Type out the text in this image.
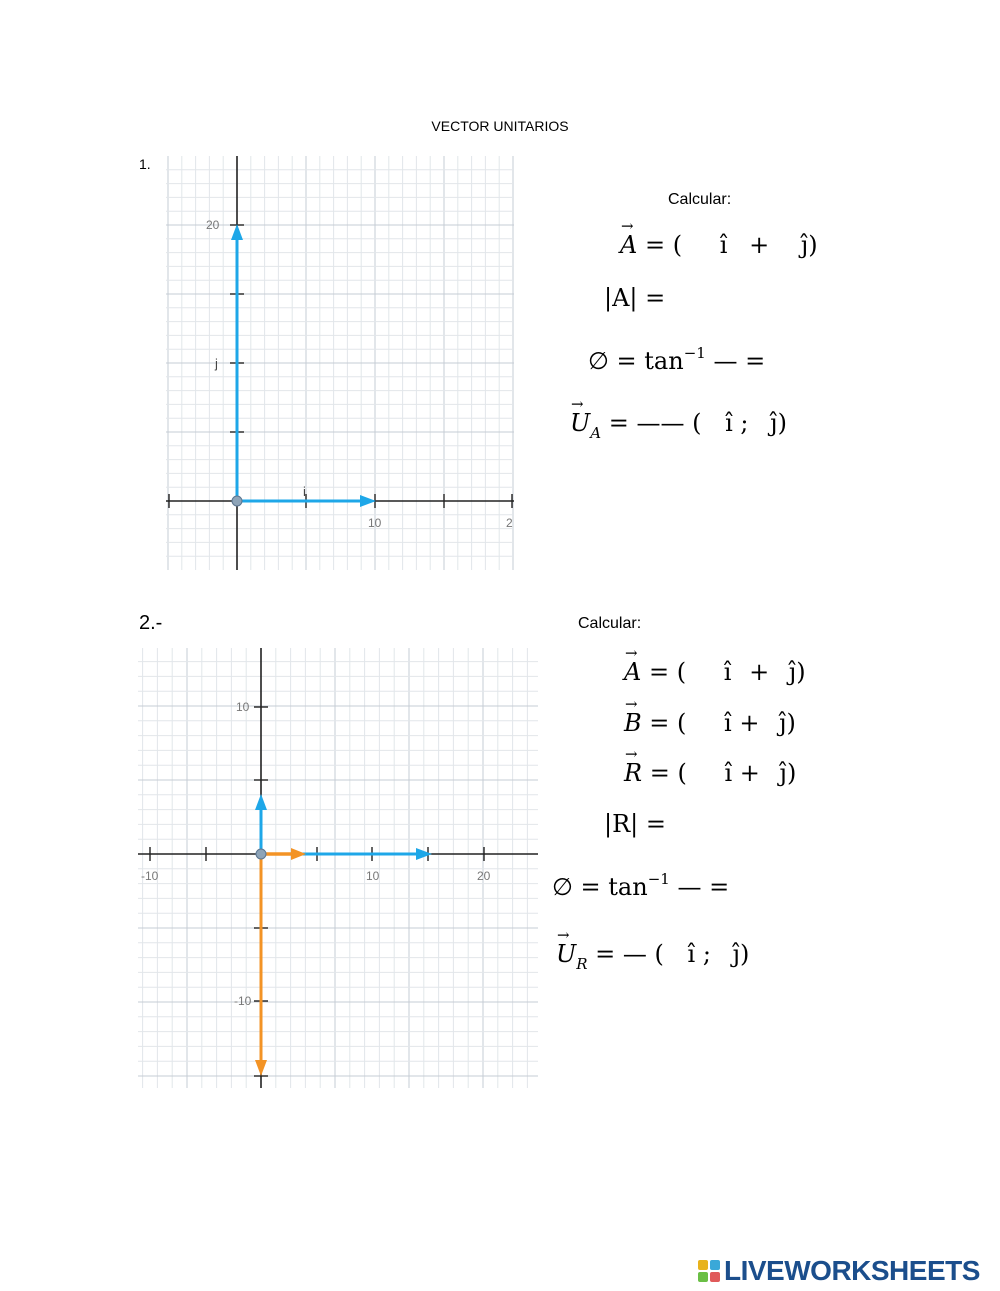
VECTOR UNITARIOS
1.
20
10	2
j
i
Calcular:
→ A = ( î + ĵ)
|A| =
∅ = $\tan^{-1}$ — =
→ $U_A$ = —— ( î ; ĵ)
2.-	Calcular:
10
-10	10	20
-10
→ A = ( î + ĵ)
→ B = ( î + ĵ)
→ R = ( î + ĵ)
|R| =
∅ = $\tan^{-1}$ — =
→ $U_R$ = — ( î ; ĵ)
LIVEWORKSHEETS
